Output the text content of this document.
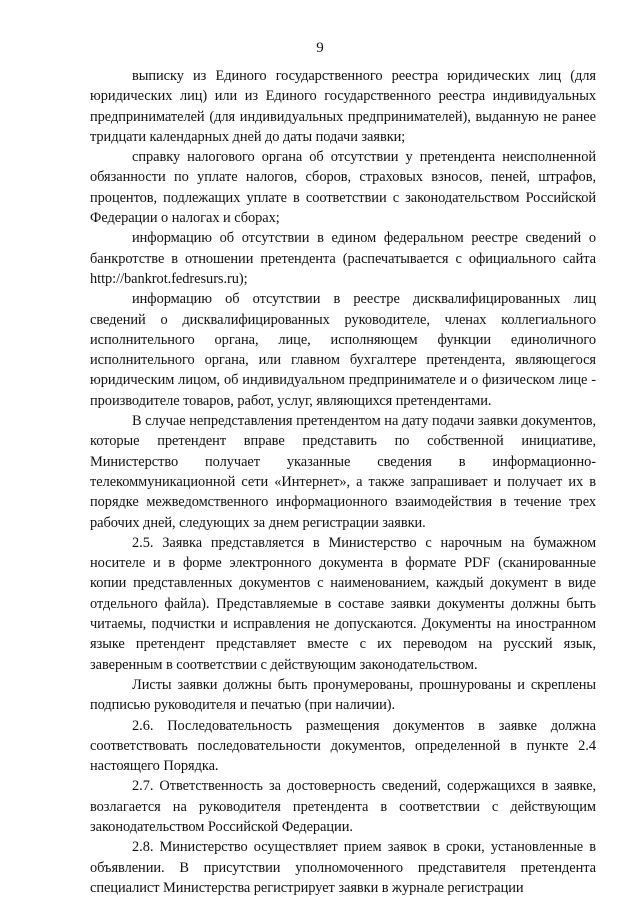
9

выписку из Единого государственного реестра юридических лиц (для юридических лиц) или из Единого государственного реестра индивидуальных предпринимателей (для индивидуальных предпринимателей), выданную не ранее тридцати календарных дней до даты подачи заявки;

справку налогового органа об отсутствии у претендента неисполненной обязанности по уплате налогов, сборов, страховых взносов, пеней, штрафов, процентов, подлежащих уплате в соответствии с законодательством Российской Федерации о налогах и сборах;

информацию об отсутствии в едином федеральном реестре сведений о банкротстве в отношении претендента (распечатывается с официального сайта http://bankrot.fedresurs.ru);

информацию об отсутствии в реестре дисквалифицированных лиц сведений о дисквалифицированных руководителе, членах коллегиального исполнительного органа, лице, исполняющем функции единоличного исполнительного органа, или главном бухгалтере претендента, являющегося юридическим лицом, об индивидуальном предпринимателе и о физическом лице - производителе товаров, работ, услуг, являющихся претендентами.

В случае непредставления претендентом на дату подачи заявки документов, которые претендент вправе представить по собственной инициативе, Министерство получает указанные сведения в информационно-телекоммуникационной сети «Интернет», а также запрашивает и получает их в порядке межведомственного информационного взаимодействия в течение трех рабочих дней, следующих за днем регистрации заявки.

2.5. Заявка представляется в Министерство с нарочным на бумажном носителе и в форме электронного документа в формате PDF (сканированные копии представленных документов с наименованием, каждый документ в виде отдельного файла). Представляемые в составе заявки документы должны быть читаемы, подчистки и исправления не допускаются. Документы на иностранном языке претендент представляет вместе с их переводом на русский язык, заверенным в соответствии с действующим законодательством.

Листы заявки должны быть пронумерованы, прошнурованы и скреплены подписью руководителя и печатью (при наличии).

2.6. Последовательность размещения документов в заявке должна соответствовать последовательности документов, определенной в пункте 2.4 настоящего Порядка.

2.7. Ответственность за достоверность сведений, содержащихся в заявке, возлагается на руководителя претендента в соответствии с действующим законодательством Российской Федерации.

2.8. Министерство осуществляет прием заявок в сроки, установленные в объявлении. В присутствии уполномоченного представителя претендента специалист Министерства регистрирует заявки в журнале регистрации
